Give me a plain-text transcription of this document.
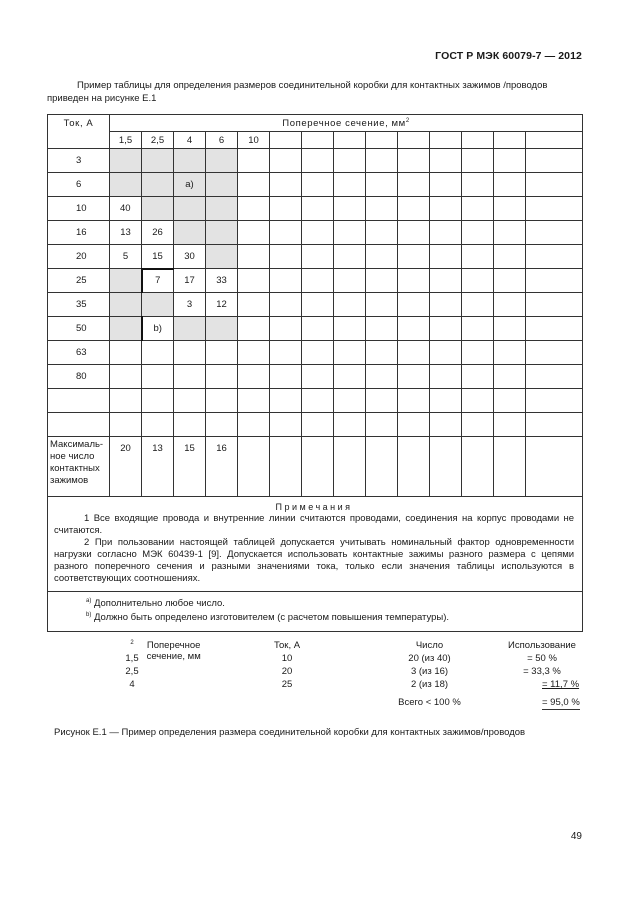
ГОСТ Р МЭК 60079-7 — 2012
Пример таблицы для определения размеров соединительной коробки для контактных зажимов /проводов приведен на рисунке Е.1
Ток, А	Поперечное сечение, $мм^2$
	1,5	2,5	4	6	10									
3														
6			a)											
10	40													
16	13	26												
20	5	15	30											
25		7	17	33										
35			3	12										
50		b)												
63														
80														

Максималь-ное число контактных зажимов	20	13	15	16										

Примечания

1 Все входящие провода и внутренние линии считаются проводами, соединения на корпус проводами не считаются.

2 При пользовании настоящей таблицей допускается учитывать номинальный фактор одновременности нагрузки согласно МЭК 60439-1 [9]. Допускается использовать контактные зажимы разного размера с цепями разного поперечного сечения и разными значениями тока, только если значения таблицы используются в соответствующих соотношениях.														

$^{a)}$ Дополнительно любое число.
$^{b)}$ Должно быть определено изготовителем (с расчетом повышения температуры).														
Поперечное сечение, мм
$^2$	Ток, А	Число	Использование
1,5	10	20 (из 40)	= 50 %
2,5	20	3 (из 16)	= 33,3 %
4	25	2 (из 18)	= 11,7 %
Всего < 100 %	= 95,0 %
Рисунок Е.1 — Пример определения размера соединительной коробки для контактных зажимов/проводов
49
